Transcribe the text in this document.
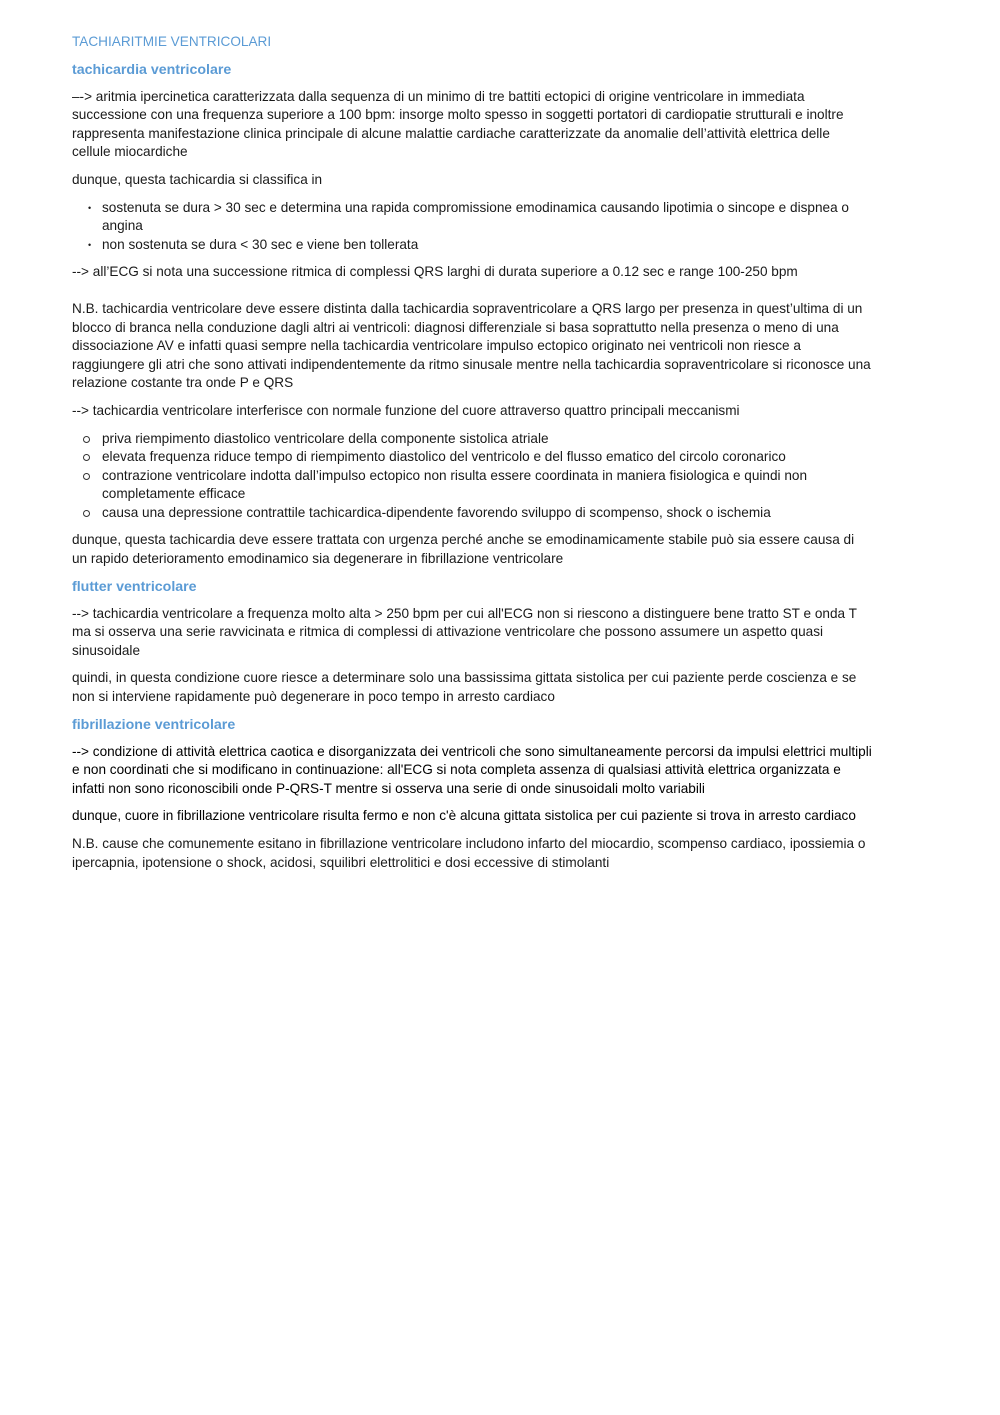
TACHIARITMIE VENTRICOLARI
tachicardia ventricolare

–-> aritmia ipercinetica caratterizzata dalla sequenza di un minimo di tre battiti ectopici di origine ventricolare in immediata successione con una frequenza superiore a 100 bpm: insorge molto spesso in soggetti portatori di cardiopatie strutturali e inoltre rappresenta manifestazione clinica principale di alcune malattie cardiache caratterizzate da anomalie dell’attività elettrica delle cellule miocardiche

dunque, questa tachicardia si classifica in

• sostenuta se dura > 30 sec e determina una rapida compromissione emodinamica causando lipotimia o sincope e dispnea o angina
• non sostenuta se dura < 30 sec e viene ben tollerata

--> all’ECG si nota una successione ritmica di complessi QRS larghi di durata superiore a 0.12 sec e range 100-250 bpm

N.B. tachicardia ventricolare deve essere distinta dalla tachicardia sopraventricolare a QRS largo per presenza in quest’ultima di un blocco di branca nella conduzione dagli altri ai ventricoli: diagnosi differenziale si basa soprattutto nella presenza o meno di una dissociazione AV e infatti quasi sempre nella tachicardia ventricolare impulso ectopico originato nei ventricoli non riesce a raggiungere gli atri che sono attivati indipendentemente da ritmo sinusale mentre nella tachicardia sopraventricolare si riconosce una relazione costante tra onde P e QRS

--> tachicardia ventricolare interferisce con normale funzione del cuore attraverso quattro principali meccanismi

priva riempimento diastolico ventricolare della componente sistolica atriale
elevata frequenza riduce tempo di riempimento diastolico del ventricolo e del flusso ematico del circolo coronarico
contrazione ventricolare indotta dall’impulso ectopico non risulta essere coordinata in maniera fisiologica e quindi non completamente efficace
causa una depressione contrattile tachicardica-dipendente favorendo sviluppo di scompenso, shock o ischemia

dunque, questa tachicardia deve essere trattata con urgenza perché anche se emodinamicamente stabile può sia essere causa di un rapido deterioramento emodinamico sia degenerare in fibrillazione ventricolare

flutter ventricolare

--> tachicardia ventricolare a frequenza molto alta > 250 bpm per cui all'ECG non si riescono a distinguere bene tratto ST e onda T ma si osserva una serie ravvicinata e ritmica di complessi di attivazione ventricolare che possono assumere un aspetto quasi sinusoidale

quindi, in questa condizione cuore riesce a determinare solo una bassissima gittata sistolica per cui paziente perde coscienza e se non si interviene rapidamente può degenerare in poco tempo in arresto cardiaco

fibrillazione ventricolare

--> condizione di attività elettrica caotica e disorganizzata dei ventricoli che sono simultaneamente percorsi da impulsi elettrici multipli e non coordinati che si modificano in continuazione: all'ECG si nota completa assenza di qualsiasi attività elettrica organizzata e infatti non sono riconoscibili onde P-QRS-T mentre si osserva una serie di onde sinusoidali molto variabili

dunque, cuore in fibrillazione ventricolare risulta fermo e non c'è alcuna gittata sistolica per cui paziente si trova in arresto cardiaco

N.B. cause che comunemente esitano in fibrillazione ventricolare includono infarto del miocardio, scompenso cardiaco, ipossiemia o ipercapnia, ipotensione o shock, acidosi, squilibri elettrolitici e dosi eccessive di stimolanti
